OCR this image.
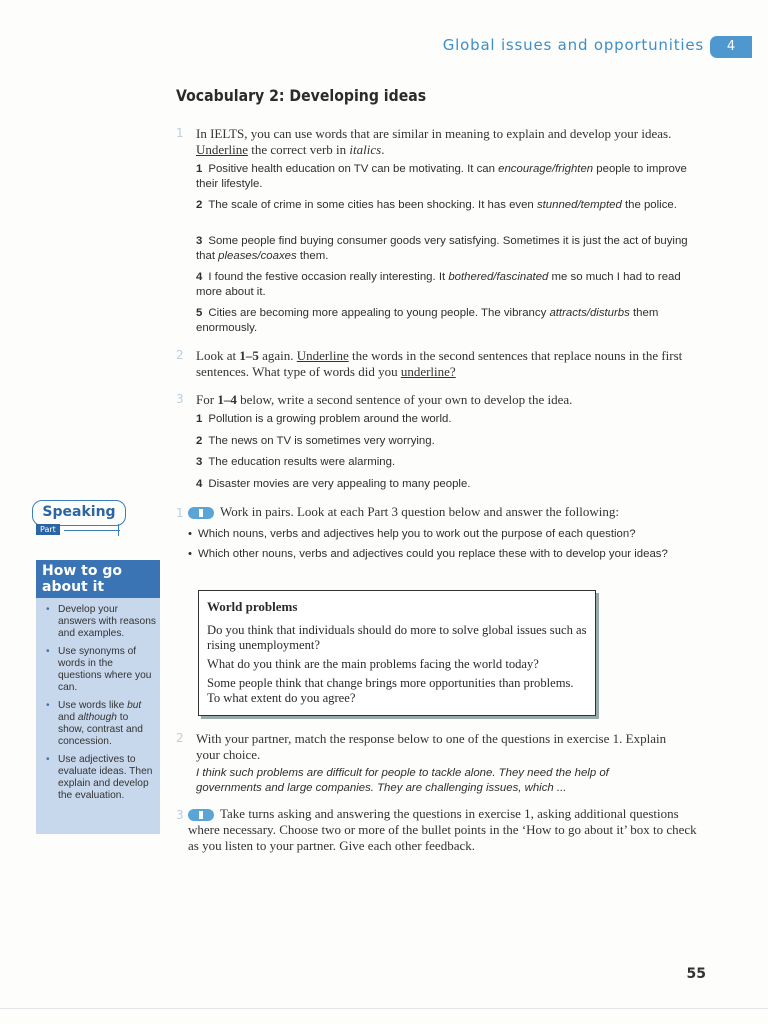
Global issues and opportunities	4
Vocabulary 2: Developing ideas
1 In IELTS, you can use words that are similar in meaning to explain and develop your ideas. Underline the correct verb in italics.
1 Positive health education on TV can be motivating. It can encourage/frighten people to improve their lifestyle.
2 The scale of crime in some cities has been shocking. It has even stunned/tempted the police.
3 Some people find buying consumer goods very satisfying. Sometimes it is just the act of buying that pleases/coaxes them.
4 I found the festive occasion really interesting. It bothered/fascinated me so much I had to read more about it.
5 Cities are becoming more appealing to young people. The vibrancy attracts/disturbs them enormously.
2 Look at 1–5 again. Underline the words in the second sentences that replace nouns in the first sentences. What type of words did you underline?
3 For 1–4 below, write a second sentence of your own to develop the idea.
1 Pollution is a growing problem around the world.
2 The news on TV is sometimes very worrying.
3 The education results were alarming.
4 Disaster movies are very appealing to many people.
Speaking
Part
How to go about it
• Develop your answers with reasons and examples.
• Use synonyms of words in the questions where you can.
• Use words like but and although to show, contrast and concession.
• Use adjectives to evaluate ideas. Then explain and develop the evaluation.
1	Work in pairs. Look at each Part 3 question below and answer the following:
• Which nouns, verbs and adjectives help you to work out the purpose of each question?
• Which other nouns, verbs and adjectives could you replace these with to develop your ideas?
World problems
Do you think that individuals should do more to solve global issues such as rising unemployment?
What do you think are the main problems facing the world today?
Some people think that change brings more opportunities than problems. To what extent do you agree?
2 With your partner, match the response below to one of the questions in exercise 1. Explain your choice.
I think such problems are difficult for people to tackle alone. They need the help of governments and large companies. They are challenging issues, which ...
3	Take turns asking and answering the questions in exercise 1, asking additional questions where necessary. Choose two or more of the bullet points in the ‘How to go about it’ box to check as you listen to your partner. Give each other feedback.
55
